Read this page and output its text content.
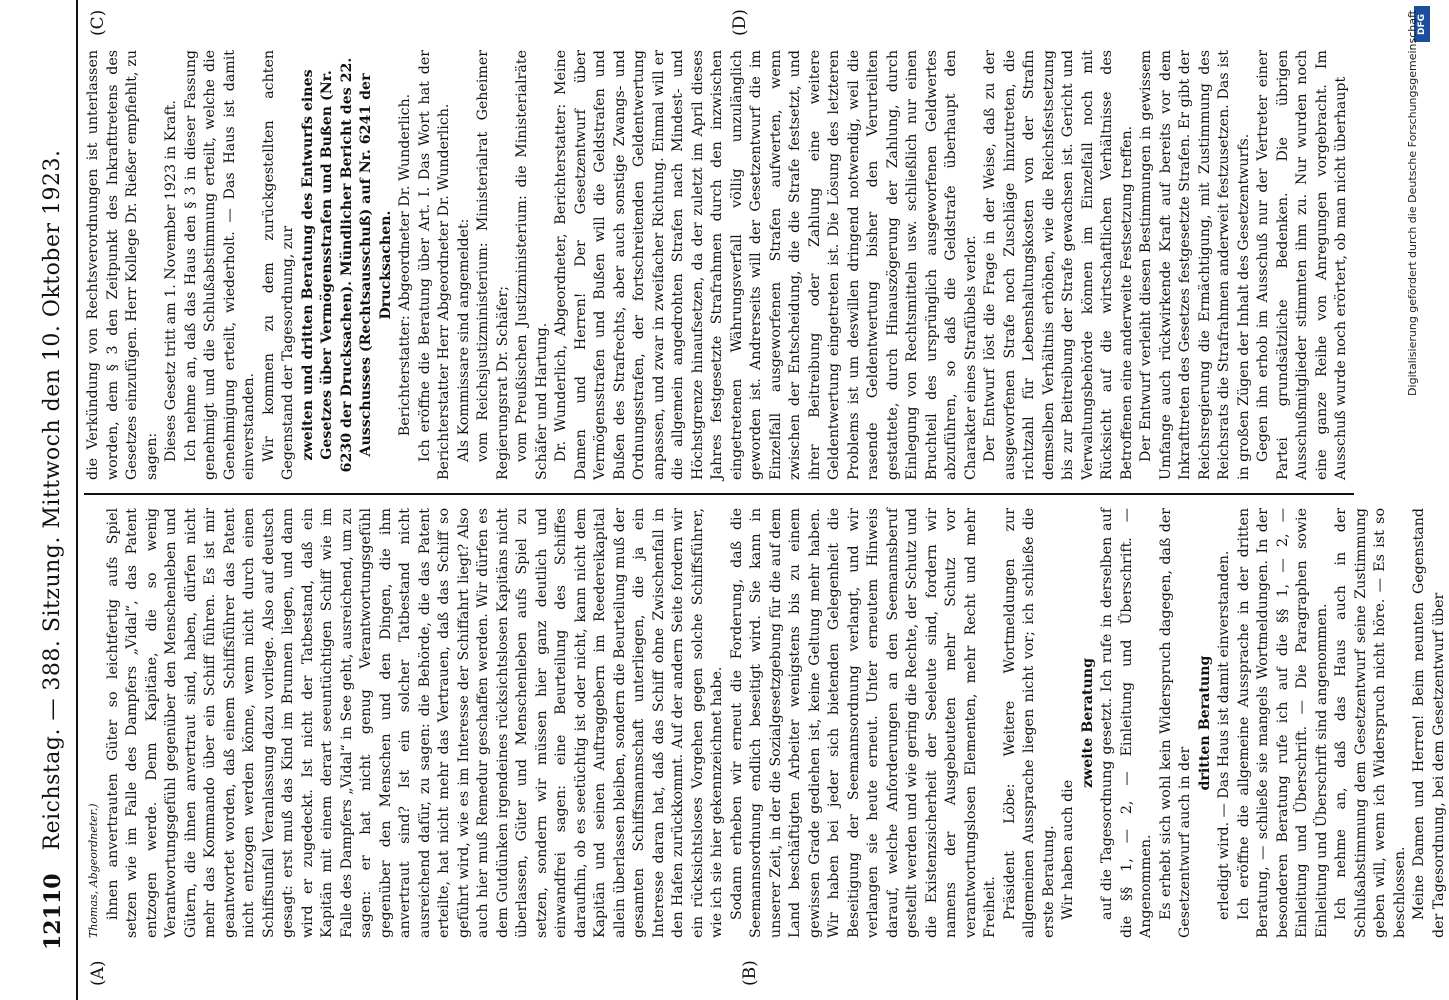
12110
Reichstag. — 388. Sitzung. Mittwoch den 10. Oktober 1923.
(A)	(B)
(C)	(D)

Thomas, Abgeordneter.) ihnen anvertrauten Güter so leichtfertig aufs Spiel setzen wie im Falle des Dampfers „Vidal“, das Patent entzogen werde. Denn Kapitäne, die so wenig Verantwortungsgefühl gegenüber den Menschenleben und Gütern, die ihnen anvertraut sind, haben, dürfen nicht mehr das Kommando über ein Schiff führen. Es ist mir geantwortet worden, daß einem Schiffsführer das Patent nicht entzogen werden könne, wenn nicht durch einen Schiffsunfall Veranlassung dazu vorliege. Also auf deutsch gesagt: erst muß das Kind im Brunnen liegen, und dann wird er zugedeckt. Ist nicht der Tatbestand, daß ein Kapitän mit einem derart seeuntüchtigen Schiff wie im Falle des Dampfers „Vidal“ in See geht, ausreichend, um zu sagen: er hat nicht genug Verantwortungsgefühl gegenüber den Menschen und den Dingen, die ihm anvertraut sind? Ist ein solcher Tatbestand nicht ausreichend dafür, zu sagen: die Behörde, die das Patent erteilte, hat nicht mehr das Vertrauen, daß das Schiff so geführt wird, wie es im Interesse der Schiffahrt liegt? Also auch hier muß Remedur geschaffen werden. Wir dürfen es dem Gutdünken irgendeines rücksichtslosen Kapitäns nicht überlassen, Güter und Menschenleben aufs Spiel zu setzen, sondern wir müssen hier ganz deutlich und einwandfrei sagen: eine Beurteilung des Schiffes daraufhin, ob es seetüchtig ist oder nicht, kann nicht dem Kapitän und seinen Auftraggebern im Reedereikapital allein überlassen bleiben, sondern die Beurteilung muß der gesamten Schiffsmannschaft unterliegen, die ja ein Interesse daran hat, daß das Schiff ohne Zwischenfall in den Hafen zurückkommt. Auf der andern Seite fordern wir ein rücksichtsloses Vorgehen gegen solche Schiffsführer, wie ich sie hier gekennzeichnet habe. Sodann erheben wir erneut die Forderung, daß die Seemannsordnung endlich beseitigt wird. Sie kann in unserer Zeit, in der die Sozialgesetzgebung für die auf dem Land beschäftigten Arbeiter wenigstens bis zu einem gewissen Grade gediehen ist, keine Geltung mehr haben. Wir haben bei jeder sich bietenden Gelegenheit die Beseitigung der Seemannsordnung verlangt, und wir verlangen sie heute erneut. Unter erneutem Hinweis darauf, welche Anforderungen an den Seemannsberuf gestellt werden und wie gering die Rechte, der Schutz und die Existenzsicherheit der Seeleute sind, fordern wir namens der Ausgebeuteten mehr Schutz vor verantwortungslosen Elementen, mehr Recht und mehr Freiheit. Präsident Löbe: Weitere Wortmeldungen zur allgemeinen Aussprache liegen nicht vor; ich schließe die erste Beratung. Wir haben auch die

zweite Beratung auf die Tagesordnung gesetzt. Ich rufe in derselben auf die §§ 1, — 2, — Einleitung und Überschrift. — Angenommen. Es erhebt sich wohl kein Widerspruch dagegen, daß der Gesetzentwurf auch in der

dritten Beratung erledigt wird. — Das Haus ist damit einverstanden. Ich eröffne die allgemeine Aussprache in der dritten Beratung, — schließe sie mangels Wortmeldungen. In der besonderen Beratung rufe ich auf die §§ 1, — 2, — Einleitung und Überschrift. — Die Paragraphen sowie Einleitung und Überschrift sind angenommen. Ich nehme an, daß das Haus auch in der Schlußabstimmung dem Gesetzentwurf seine Zustimmung geben will, wenn ich Widerspruch nicht höre. — Es ist so beschlossen. Meine Damen und Herren! Beim neunten Gegenstand der Tagesordnung, bei dem Gesetzentwurf über

die Verkündung von Rechtsverordnungen ist unterlassen worden, dem § 3 den Zeitpunkt des Inkrafttretens des Gesetzes einzufügen. Herr Kollege Dr. Rießer empfiehlt, zu sagen: Dieses Gesetz tritt am 1. November 1923 in Kraft. Ich nehme an, daß das Haus den § 3 in dieser Fassung genehmigt und die Schlußabstimmung erteilt, welche die Genehmigung erteilt, wiederholt. — Das Haus ist damit einverstanden. Wir kommen zu dem zurückgestellten achten Gegenstand der Tagesordnung, zur zweiten und dritten Beratung des Entwurfs eines Gesetzes über Vermögensstrafen und Bußen (Nr. 6230 der Drucksachen). Mündlicher Bericht des 22. Ausschusses (Rechtsausschuß) auf Nr. 6241 der Drucksachen. Berichterstatter: Abgeordneter Dr. Wunderlich. Ich eröffne die Beratung über Art. I. Das Wort hat der Berichterstatter Herr Abgeordneter Dr. Wunderlich. Als Kommissare sind angemeldet: vom Reichsjustizministerium: Ministerialrat Geheimer Regierungsrat Dr. Schäfer; vom Preußischen Justizministerium: die Ministerialräte Schäfer und Hartung. Dr. Wunderlich, Abgeordneter, Berichterstatter: Meine Damen und Herren! Der Gesetzentwurf über Vermögensstrafen und Bußen will die Geldstrafen und Bußen des Strafrechts, aber auch sonstige Zwangs- und Ordnungsstrafen, der fortschreitenden Geldentwertung anpassen, und zwar in zweifacher Richtung. Einmal will er die allgemein angedrohten Strafen nach Mindest- und Höchstgrenze hinaufsetzen, da der zuletzt im April dieses Jahres festgesetzte Strafrahmen durch den inzwischen eingetretenen Währungsverfall völlig unzulänglich geworden ist. Andrerseits will der Gesetzentwurf die im Einzelfall ausgeworfenen Strafen aufwerten, wenn zwischen der Entscheidung, die die Strafe festsetzt, und ihrer Beitreibung oder Zahlung eine weitere Geldentwertung eingetreten ist. Die Lösung des letzteren Problems ist um deswillen dringend notwendig, weil die rasende Geldentwertung bisher den Verurteilten gestattete, durch Hinauszögerung der Zahlung, durch Einlegung von Rechtsmitteln usw. schließlich nur einen Bruchteil des ursprünglich ausgeworfenen Geldwertes abzuführen, so daß die Geldstrafe überhaupt den Charakter eines Strafübels verlor. Der Entwurf löst die Frage in der Weise, daß zu der ausgeworfenen Strafe noch Zuschläge hinzutreten, die richtzahl für Lebenshaltungskosten von der Strafin demselben Verhältnis erhöhen, wie die Reichsfestsetzung bis zur Beitreibung der Strafe gewachsen ist. Gericht und Verwaltungsbehörde können im Einzelfall noch mit Rücksicht auf die wirtschaftlichen Verhältnisse des Betroffenen eine anderweite Festsetzung treffen. Der Entwurf verleiht diesen Bestimmungen in gewissem Umfange auch rückwirkende Kraft auf bereits vor dem Inkrafttreten des Gesetzes festgesetzte Strafen. Er gibt der Reichsregierung die Ermächtigung, mit Zustimmung des Reichsrats die Strafrahmen anderweit festzusetzen. Das ist in großen Zügen der Inhalt des Gesetzentwurfs. Gegen ihn erhob im Ausschuß nur der Vertreter einer Partei grundsätzliche Bedenken. Die übrigen Ausschußmitglieder stimmten ihm zu. Nur wurden noch eine ganze Reihe von Anregungen vorgebracht. Im Ausschuß wurde noch erörtert, ob man nicht überhaupt

DFG
Digitalisierung gefördert durch die Deutsche Forschungsgemeinschaft
